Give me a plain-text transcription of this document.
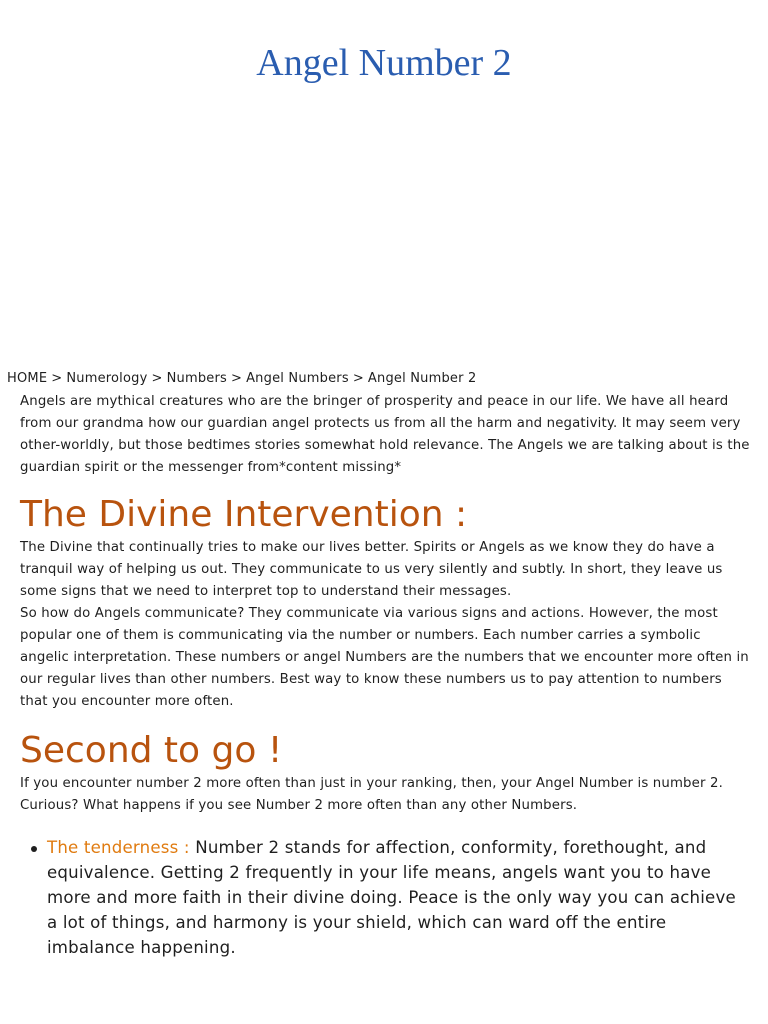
Angel Number 2
HOME > Numerology > Numbers > Angel Numbers > Angel Number 2

Angels are mythical creatures who are the bringer of prosperity and peace in our life. We have all heard from our grandma how our guardian angel protects us from all the harm and negativity. It may seem very other-worldly, but those bedtimes stories somewhat hold relevance. The Angels we are talking about is the guardian spirit or the messenger from*content missing*

The Divine Intervention :

The Divine that continually tries to make our lives better. Spirits or Angels as we know they do have a tranquil way of helping us out. They communicate to us very silently and subtly. In short, they leave us some signs that we need to interpret top to understand their messages.

So how do Angels communicate? They communicate via various signs and actions. However, the most popular one of them is communicating via the number or numbers. Each number carries a symbolic angelic interpretation. These numbers or angel Numbers are the numbers that we encounter more often in our regular lives than other numbers. Best way to know these numbers us to pay attention to numbers that you encounter more often.

Second to go !

If you encounter number 2 more often than just in your ranking, then, your Angel Number is number 2. Curious? What happens if you see Number 2 more often than any other Numbers.

The tenderness : Number 2 stands for affection, conformity, forethought, and equivalence. Getting 2 frequently in your life means, angels want you to have more and more faith in their divine doing. Peace is the only way you can achieve a lot of things, and harmony is your shield, which can ward off the entire imbalance happening.
